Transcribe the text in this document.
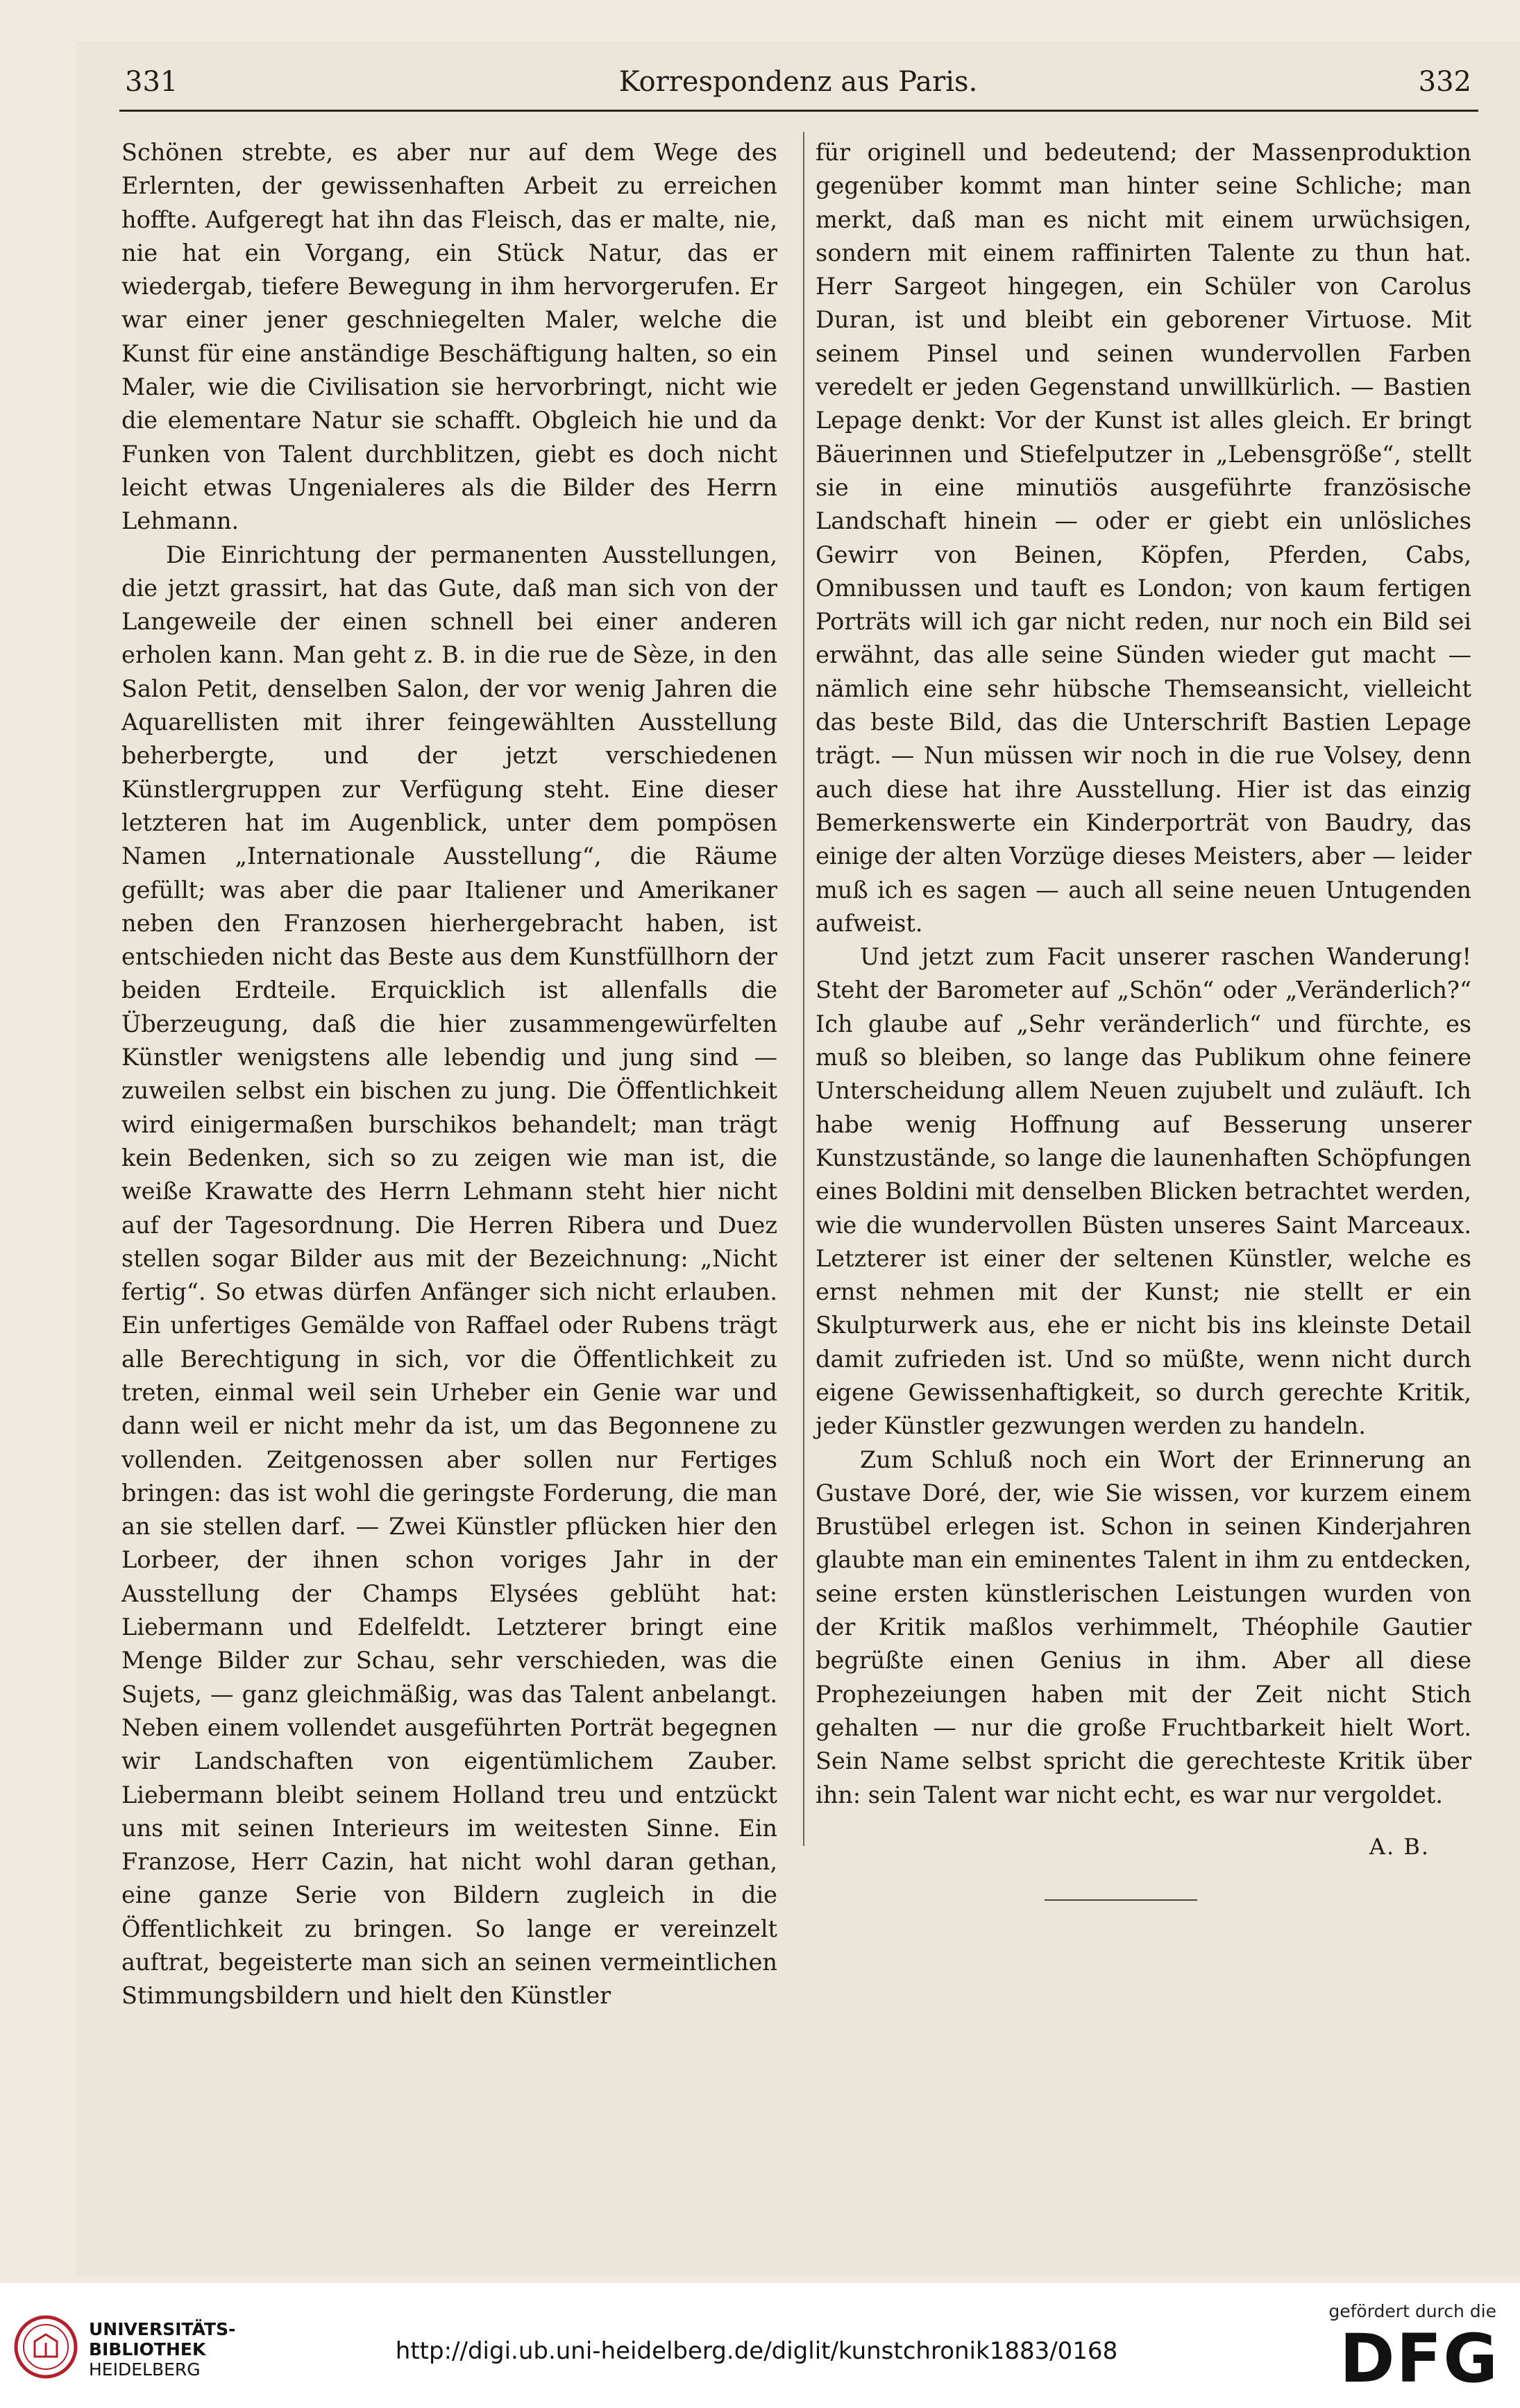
331	Korrespondenz aus Paris.	332

Schönen strebte, es aber nur auf dem Wege des Erlernten, der gewissenhaften Arbeit zu erreichen hoffte. Aufgeregt hat ihn das Fleisch, das er malte, nie, nie hat ein Vorgang, ein Stück Natur, das er wiedergab, tiefere Bewegung in ihm hervorgerufen. Er war einer jener geschniegelten Maler, welche die Kunst für eine anständige Beschäftigung halten, so ein Maler, wie die Civilisation sie hervorbringt, nicht wie die elementare Natur sie schafft. Obgleich hie und da Funken von Talent durchblitzen, giebt es doch nicht leicht etwas Ungenialeres als die Bilder des Herrn Lehmann.

Die Einrichtung der permanenten Ausstellungen, die jetzt grassirt, hat das Gute, daß man sich von der Langeweile der einen schnell bei einer anderen erholen kann. Man geht z. B. in die rue de Sèze, in den Salon Petit, denselben Salon, der vor wenig Jahren die Aquarellisten mit ihrer feingewählten Ausstellung beherbergte, und der jetzt verschiedenen Künstlergruppen zur Verfügung steht. Eine dieser letzteren hat im Augenblick, unter dem pompösen Namen „Internationale Ausstellung“, die Räume gefüllt; was aber die paar Italiener und Amerikaner neben den Franzosen hierhergebracht haben, ist entschieden nicht das Beste aus dem Kunstfüllhorn der beiden Erdteile. Erquicklich ist allenfalls die Überzeugung, daß die hier zusammengewürfelten Künstler wenigstens alle lebendig und jung sind — zuweilen selbst ein bischen zu jung. Die Öffentlichkeit wird einigermaßen burschikos behandelt; man trägt kein Bedenken, sich so zu zeigen wie man ist, die weiße Krawatte des Herrn Lehmann steht hier nicht auf der Tagesordnung. Die Herren Ribera und Duez stellen sogar Bilder aus mit der Bezeichnung: „Nicht fertig“. So etwas dürfen Anfänger sich nicht erlauben. Ein unfertiges Gemälde von Raffael oder Rubens trägt alle Berechtigung in sich, vor die Öffentlichkeit zu treten, einmal weil sein Urheber ein Genie war und dann weil er nicht mehr da ist, um das Begonnene zu vollenden. Zeitgenossen aber sollen nur Fertiges bringen: das ist wohl die geringste Forderung, die man an sie stellen darf. — Zwei Künstler pflücken hier den Lorbeer, der ihnen schon voriges Jahr in der Ausstellung der Champs Elysées geblüht hat: Liebermann und Edelfeldt. Letzterer bringt eine Menge Bilder zur Schau, sehr verschieden, was die Sujets, — ganz gleichmäßig, was das Talent anbelangt. Neben einem vollendet ausgeführten Porträt begegnen wir Landschaften von eigentümlichem Zauber. Liebermann bleibt seinem Holland treu und entzückt uns mit seinen Interieurs im weitesten Sinne. Ein Franzose, Herr Cazin, hat nicht wohl daran gethan, eine ganze Serie von Bildern zugleich in die Öffentlichkeit zu bringen. So lange er vereinzelt auftrat, begeisterte man sich an seinen vermeintlichen Stimmungsbildern und hielt den Künstler

für originell und bedeutend; der Massenproduktion gegenüber kommt man hinter seine Schliche; man merkt, daß man es nicht mit einem urwüchsigen, sondern mit einem raffinirten Talente zu thun hat. Herr Sargeot hingegen, ein Schüler von Carolus Duran, ist und bleibt ein geborener Virtuose. Mit seinem Pinsel und seinen wundervollen Farben veredelt er jeden Gegenstand unwillkürlich. — Bastien Lepage denkt: Vor der Kunst ist alles gleich. Er bringt Bäuerinnen und Stiefelputzer in „Lebensgröße“, stellt sie in eine minutiös ausgeführte französische Landschaft hinein — oder er giebt ein unlösliches Gewirr von Beinen, Köpfen, Pferden, Cabs, Omnibussen und tauft es London; von kaum fertigen Porträts will ich gar nicht reden, nur noch ein Bild sei erwähnt, das alle seine Sünden wieder gut macht — nämlich eine sehr hübsche Themseansicht, vielleicht das beste Bild, das die Unterschrift Bastien Lepage trägt. — Nun müssen wir noch in die rue Volsey, denn auch diese hat ihre Ausstellung. Hier ist das einzig Bemerkenswerte ein Kinderporträt von Baudry, das einige der alten Vorzüge dieses Meisters, aber — leider muß ich es sagen — auch all seine neuen Untugenden aufweist.

Und jetzt zum Facit unserer raschen Wanderung! Steht der Barometer auf „Schön“ oder „Veränderlich?“ Ich glaube auf „Sehr veränderlich“ und fürchte, es muß so bleiben, so lange das Publikum ohne feinere Unterscheidung allem Neuen zujubelt und zuläuft. Ich habe wenig Hoffnung auf Besserung unserer Kunstzustände, so lange die launenhaften Schöpfungen eines Boldini mit denselben Blicken betrachtet werden, wie die wundervollen Büsten unseres Saint Marceaux. Letzterer ist einer der seltenen Künstler, welche es ernst nehmen mit der Kunst; nie stellt er ein Skulpturwerk aus, ehe er nicht bis ins kleinste Detail damit zufrieden ist. Und so müßte, wenn nicht durch eigene Gewissenhaftigkeit, so durch gerechte Kritik, jeder Künstler gezwungen werden zu handeln.

Zum Schluß noch ein Wort der Erinnerung an Gustave Doré, der, wie Sie wissen, vor kurzem einem Brustübel erlegen ist. Schon in seinen Kinderjahren glaubte man ein eminentes Talent in ihm zu entdecken, seine ersten künstlerischen Leistungen wurden von der Kritik maßlos verhimmelt, Théophile Gautier begrüßte einen Genius in ihm. Aber all diese Prophezeiungen haben mit der Zeit nicht Stich gehalten — nur die große Fruchtbarkeit hielt Wort. Sein Name selbst spricht die gerechteste Kritik über ihn: sein Talent war nicht echt, es war nur vergoldet.

A. B.
UNIVERSITÄTS-
BIBLIOTHEK
HEIDELBERG
http://digi.ub.uni-heidelberg.de/diglit/kunstchronik1883/0168
gefördert durch die
DFG
